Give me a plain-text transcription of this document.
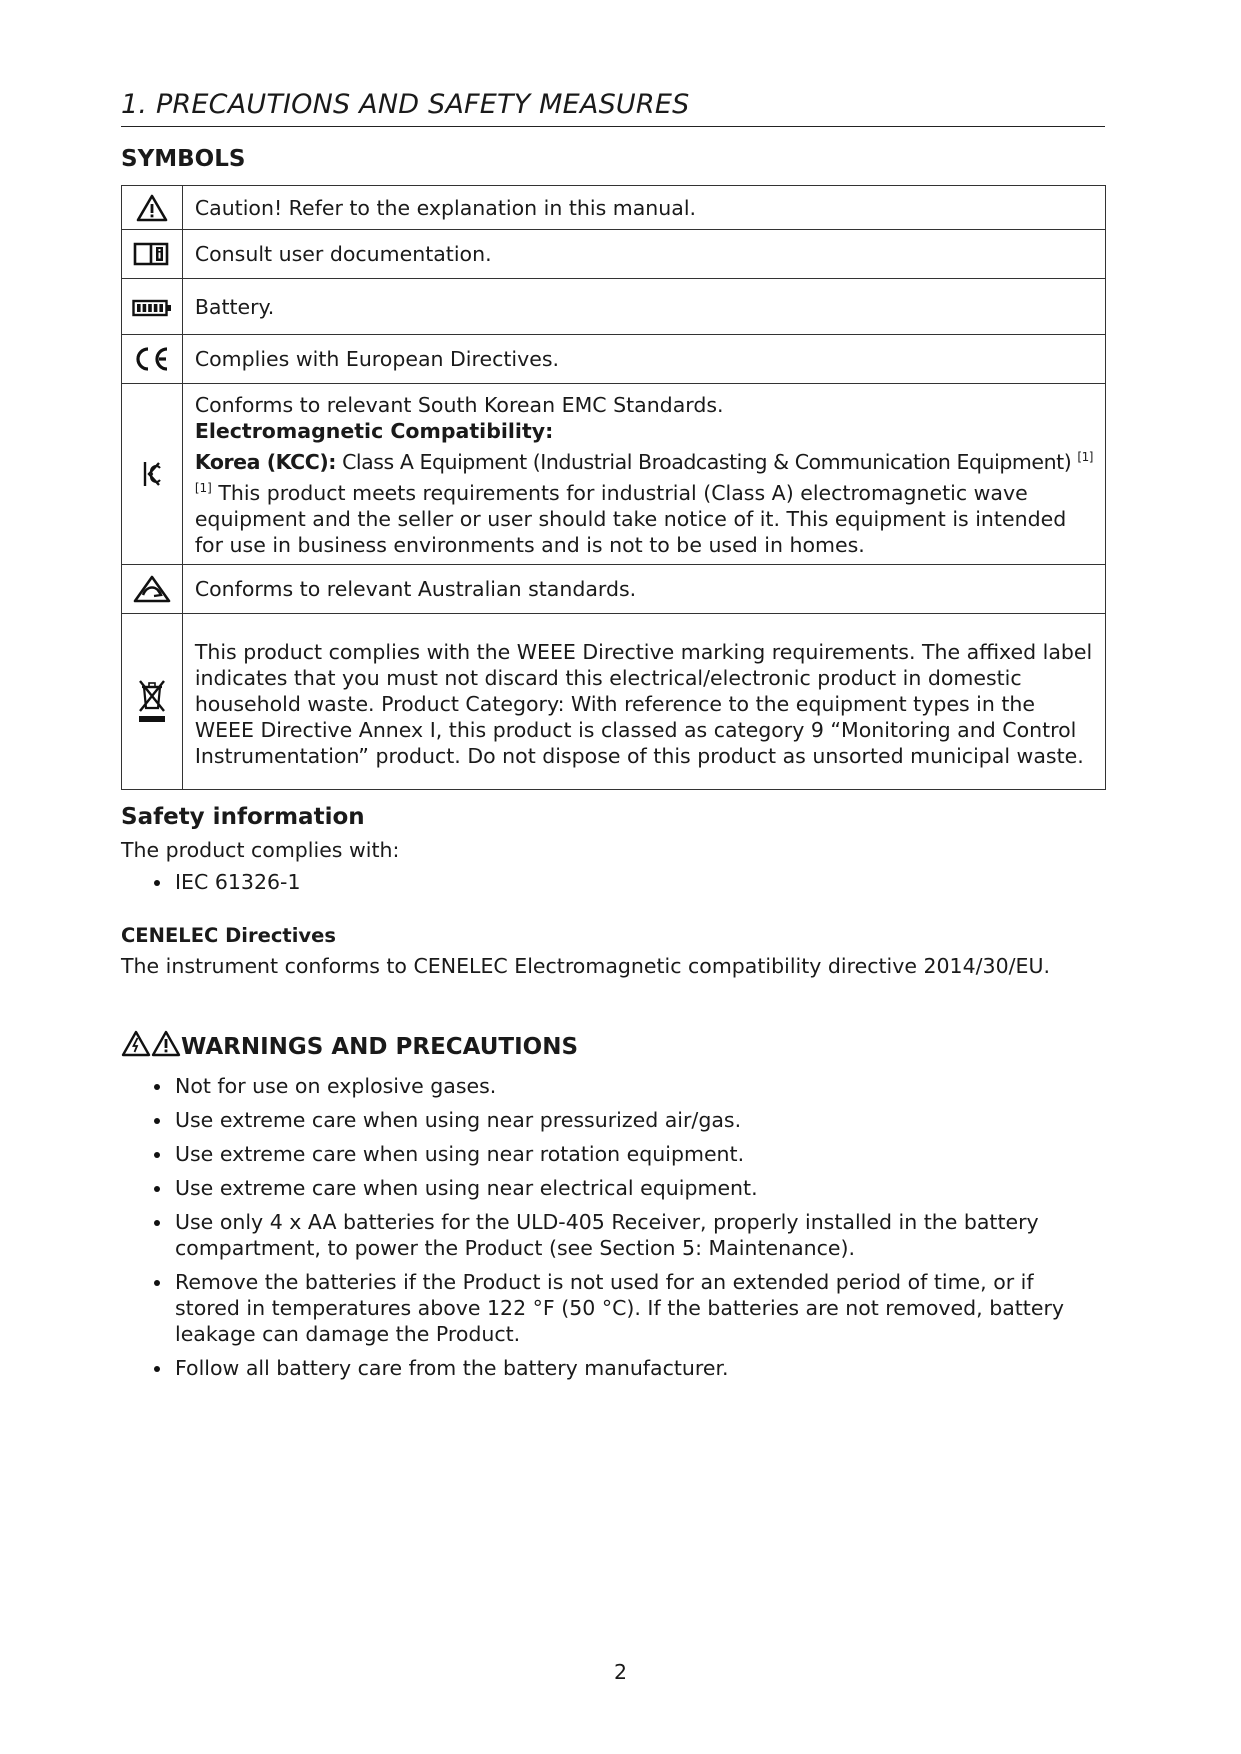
1. PRECAUTIONS AND SAFETY MEASURES
SYMBOLS
	Caution! Refer to the explanation in this manual.
	Consult user documentation.
	Battery.
	Complies with European Directives.

Conforms to relevant South Korean EMC Standards.
Electromagnetic Compatibility:
Korea (KCC): Class A Equipment (Industrial Broadcasting & Communication Equipment) [1]
[1] This product meets requirements for industrial (Class A) electromagnetic wave equipment and the seller or user should take notice of it. This equipment is intended for use in business environments and is not to be used in homes.

	Conforms to relevant Australian standards.
	This product complies with the WEEE Directive marking requirements. The affixed label indicates that you must not discard this electrical/electronic product in domestic household waste. Product Category: With reference to the equipment types in the WEEE Directive Annex I, this product is classed as category 9 “Monitoring and Control Instrumentation” product. Do not dispose of this product as unsorted municipal waste.
Safety information
The product complies with:
IEC 61326-1
CENELEC Directives
The instrument conforms to CENELEC Electromagnetic compatibility directive 2014/30/EU.
WARNINGS AND PRECAUTIONS
Not for use on explosive gases.
Use extreme care when using near pressurized air/gas.
Use extreme care when using near rotation equipment.
Use extreme care when using near electrical equipment.
Use only 4 x AA batteries for the ULD-405 Receiver, properly installed in the battery compartment, to power the Product (see Section 5: Maintenance).
Remove the batteries if the Product is not used for an extended period of time, or if stored in temperatures above 122 °F (50 °C). If the batteries are not removed, battery leakage can damage the Product.
Follow all battery care from the battery manufacturer.
2
